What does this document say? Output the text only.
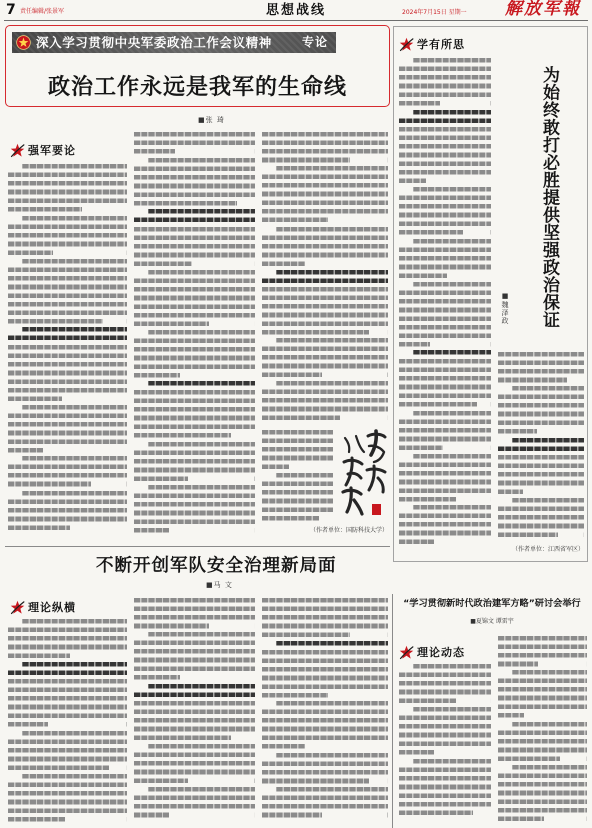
7 责任编辑/张景军	思想战线	2024年7月15日 星期一 解放军報
深入学习贯彻中央军委政治工作会议精神	专论
政治工作永远是我军的生命线
■张 琦
强军要论
（作者单位：国防科技大学）
学有所思
■魏泽政 为始终敢打必胜提供坚强政治保证
（作者单位：江西省军区）
不断开创军队安全治理新局面
■马 文
理论纵横	“学习贯彻新时代政治建军方略”研讨会举行
■夏锦文 谭雷宇
理论动态
